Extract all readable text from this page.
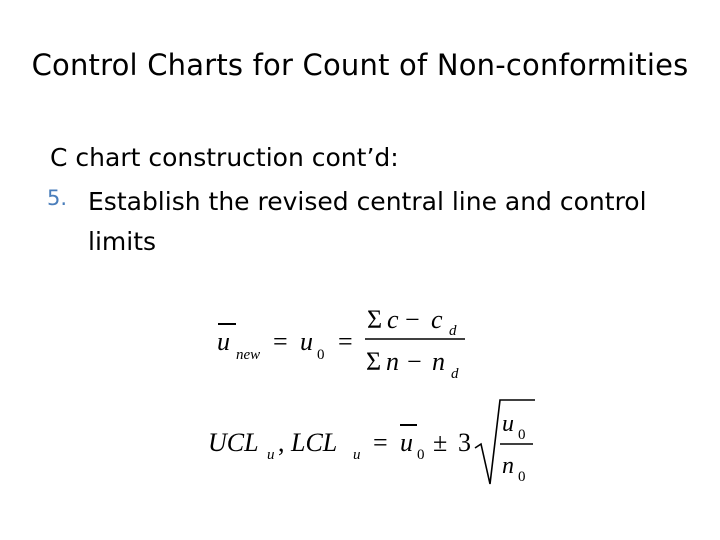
Control Charts for Count of Non-conformities
C chart construction cont’d:
5. Establish the revised central line and control limits
u new = u 0 =
Σ c − c d
Σ n − n d
UCL u , LCL u = u 0 ± 3
u 0
n 0
